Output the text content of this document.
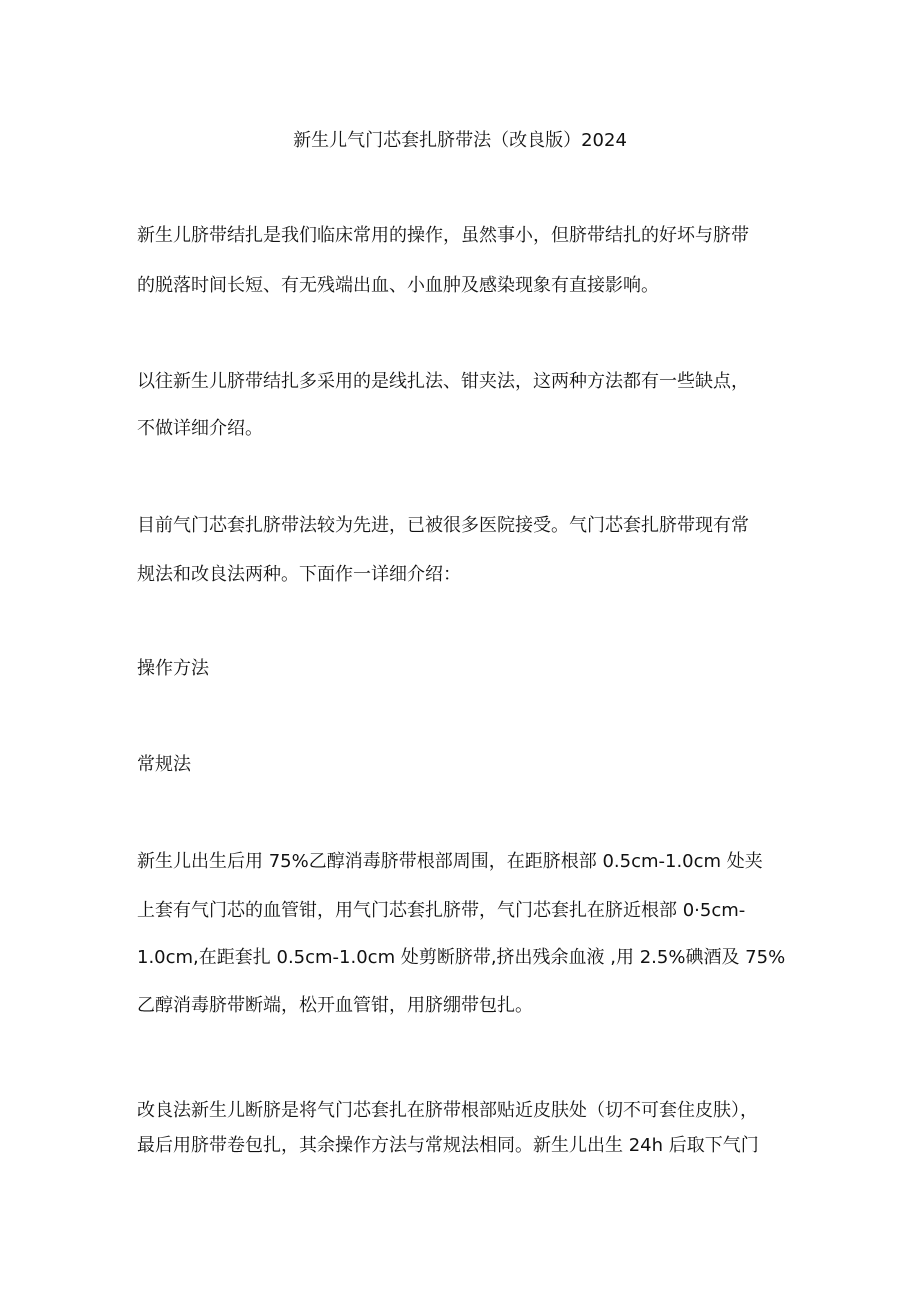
新生儿气门芯套扎脐带法（改良版）2024
新生儿脐带结扎是我们临床常用的操作，虽然事小，但脐带结扎的好坏与脐带
的脱落时间长短、有无残端出血、小血肿及感染现象有直接影响。
以往新生儿脐带结扎多采用的是线扎法、钳夹法，这两种方法都有一些缺点，
不做详细介绍。
目前气门芯套扎脐带法较为先进，已被很多医院接受。气门芯套扎脐带现有常
规法和改良法两种。下面作一详细介绍：
操作方法
常规法
新生儿出生后用 75%乙醇消毒脐带根部周围，在距脐根部 0.5cm-1.0cm 处夹
上套有气门芯的血管钳，用气门芯套扎脐带，气门芯套扎在脐近根部 0·5cm-
1.0cm,在距套扎 0.5cm-1.0cm 处剪断脐带,挤出残余血液 ,用 2.5%碘酒及 75%
乙醇消毒脐带断端，松开血管钳，用脐绷带包扎。
改良法新生儿断脐是将气门芯套扎在脐带根部贴近皮肤处（切不可套住皮肤），
最后用脐带卷包扎，其余操作方法与常规法相同。新生儿出生 24h 后取下气门
